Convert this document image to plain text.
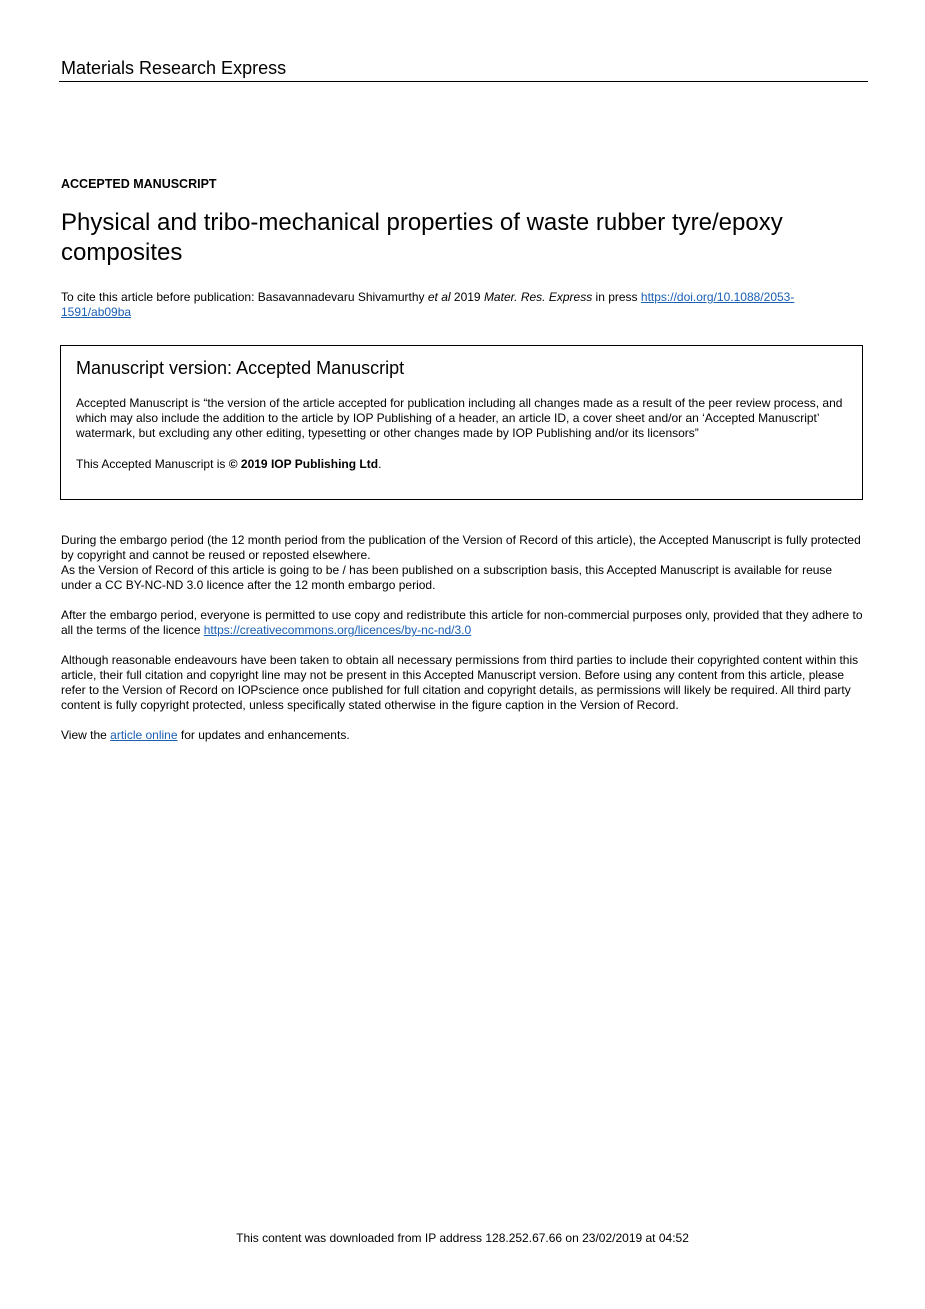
Materials Research Express
ACCEPTED MANUSCRIPT
Physical and tribo-mechanical properties of waste rubber tyre/epoxy composites
To cite this article before publication: Basavannadevaru Shivamurthy et al 2019 Mater. Res. Express in press https://doi.org/10.1088/2053-1591/ab09ba
Manuscript version: Accepted Manuscript
Accepted Manuscript is “the version of the article accepted for publication including all changes made as a result of the peer review process, and which may also include the addition to the article by IOP Publishing of a header, an article ID, a cover sheet and/or an ‘Accepted Manuscript’ watermark, but excluding any other editing, typesetting or other changes made by IOP Publishing and/or its licensors”
This Accepted Manuscript is © 2019 IOP Publishing Ltd.

During the embargo period (the 12 month period from the publication of the Version of Record of this article), the Accepted Manuscript is fully protected by copyright and cannot be reused or reposted elsewhere.
As the Version of Record of this article is going to be / has been published on a subscription basis, this Accepted Manuscript is available for reuse under a CC BY-NC-ND 3.0 licence after the 12 month embargo period.

After the embargo period, everyone is permitted to use copy and redistribute this article for non-commercial purposes only, provided that they adhere to all the terms of the licence https://creativecommons.org/licences/by-nc-nd/3.0

Although reasonable endeavours have been taken to obtain all necessary permissions from third parties to include their copyrighted content within this article, their full citation and copyright line may not be present in this Accepted Manuscript version. Before using any content from this article, please refer to the Version of Record on IOPscience once published for full citation and copyright details, as permissions will likely be required. All third party content is fully copyright protected, unless specifically stated otherwise in the figure caption in the Version of Record.

View the article online for updates and enhancements.

This content was downloaded from IP address 128.252.67.66 on 23/02/2019 at 04:52
